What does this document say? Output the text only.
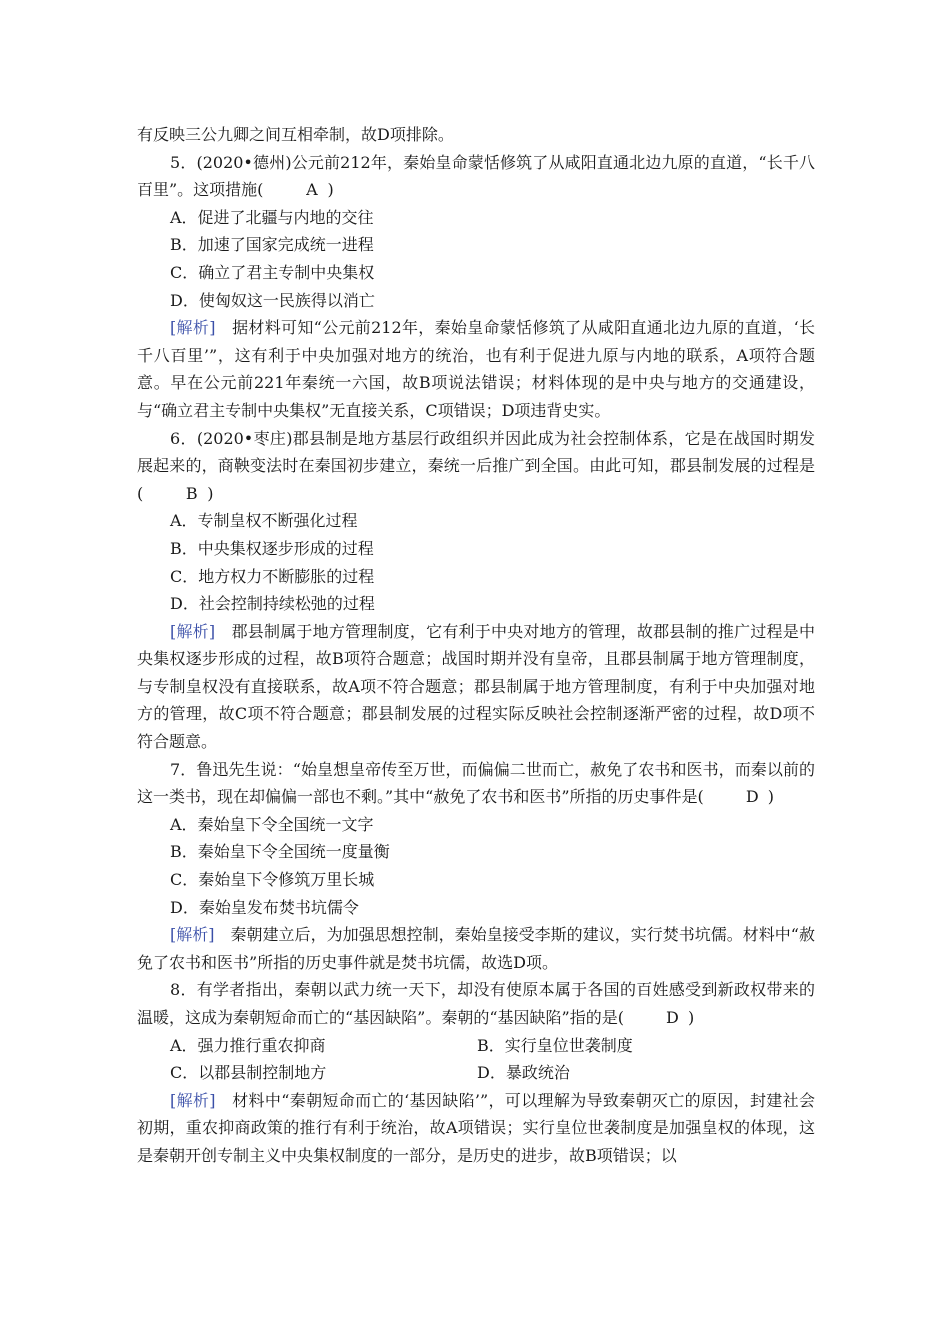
有反映三公九卿之间互相牵制，故D项排除。

5．(2020•德州)公元前212年，秦始皇命蒙恬修筑了从咸阳直通北边九原的直道，“长千八百里”。这项措施(	A )

A．促进了北疆与内地的交往

B．加速了国家完成统一进程

C．确立了君主专制中央集权

D．使匈奴这一民族得以消亡

[解析]　 据材料可知“公元前212年，秦始皇命蒙恬修筑了从咸阳直通北边九原的直道，‘长千八百里’”，这有利于中央加强对地方的统治，也有利于促进九原与内地的联系，A项符合题意。早在公元前221年秦统一六国，故B项说法错误；材料体现的是中央与地方的交通建设，与“确立君主专制中央集权”无直接关系，C项错误；D项违背史实。

6．(2020•枣庄)郡县制是地方基层行政组织并因此成为社会控制体系，它是在战国时期发展起来的，商鞅变法时在秦国初步建立，秦统一后推广到全国。由此可知，郡县制发展的过程是(	B )

A．专制皇权不断强化过程

B．中央集权逐步形成的过程

C．地方权力不断膨胀的过程

D．社会控制持续松弛的过程

[解析]　 郡县制属于地方管理制度，它有利于中央对地方的管理，故郡县制的推广过程是中央集权逐步形成的过程，故B项符合题意；战国时期并没有皇帝，且郡县制属于地方管理制度，与专制皇权没有直接联系，故A项不符合题意；郡县制属于地方管理制度，有利于中央加强对地方的管理，故C项不符合题意；郡县制发展的过程实际反映社会控制逐渐严密的过程，故D项不符合题意。

7．鲁迅先生说：“始皇想皇帝传至万世，而偏偏二世而亡，赦免了农书和医书，而秦以前的这一类书，现在却偏偏一部也不剩。”其中“赦免了农书和医书”所指的历史事件是(	D )

A．秦始皇下令全国统一文字

B．秦始皇下令全国统一度量衡

C．秦始皇下令修筑万里长城

D．秦始皇发布焚书坑儒令

[解析]　 秦朝建立后，为加强思想控制，秦始皇接受李斯的建议，实行焚书坑儒。材料中“赦免了农书和医书”所指的历史事件就是焚书坑儒，故选D项。

8．有学者指出，秦朝以武力统一天下，却没有使原本属于各国的百姓感受到新政权带来的温暖，这成为秦朝短命而亡的“基因缺陷”。秦朝的“基因缺陷”指的是(	D )

A．强力推行重农抑商	B．实行皇位世袭制度
C．以郡县制控制地方	D．暴政统治

[解析]　 材料中“秦朝短命而亡的‘基因缺陷’”，可以理解为导致秦朝灭亡的原因，封建社会初期，重农抑商政策的推行有利于统治，故A项错误；实行皇位世袭制度是加强皇权的体现，这是秦朝开创专制主义中央集权制度的一部分，是历史的进步，故B项错误；以
